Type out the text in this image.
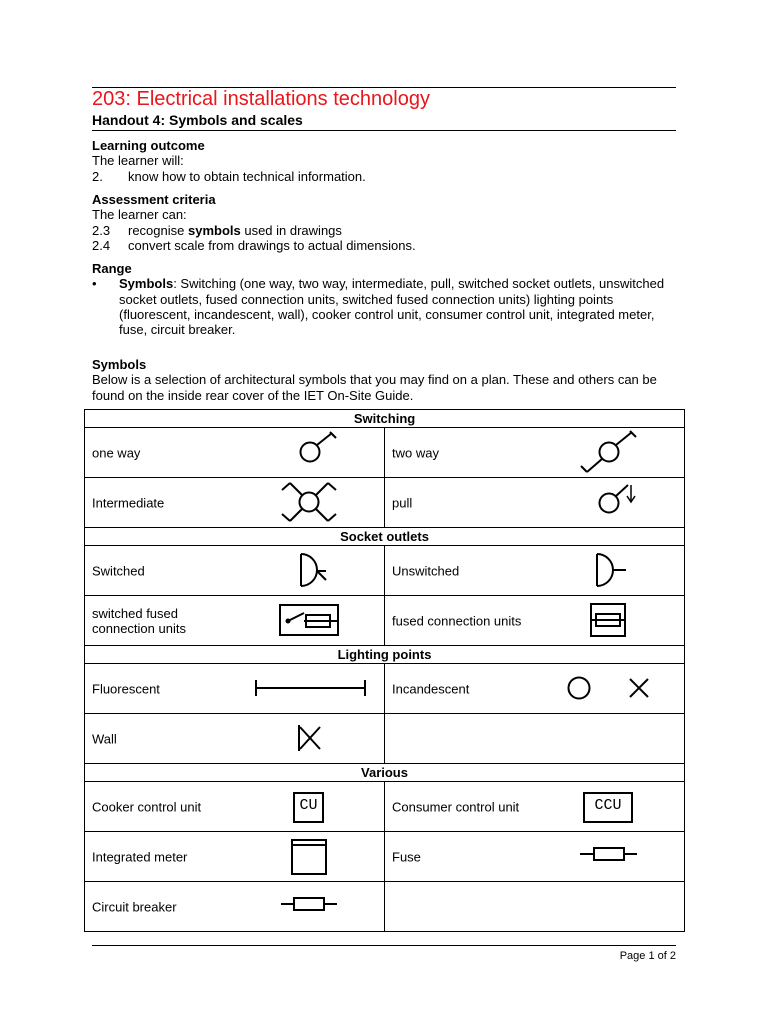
203: Electrical installations technology
Handout 4: Symbols and scales
Learning outcome
The learner will:
2. know how to obtain technical information.
Assessment criteria
The learner can:
2.3 recognise symbols used in drawings
2.4 convert scale from drawings to actual dimensions.
Range
• Symbols: Switching (one way, two way, intermediate, pull, switched socket outlets, unswitched socket outlets, fused connection units, switched fused connection units) lighting points (fluorescent, incandescent, wall), cooker control unit, consumer control unit, integrated meter, fuse, circuit breaker.
Symbols
Below is a selection of architectural symbols that you may find on a plan. These and others can be found on the inside rear cover of the IET On-Site Guide.
Switching	

one way	two way

Intermediate	pull

Socket outlets	

Switched	Unswitched

switched fused connection units	fused connection units

Lighting points	

Fluorescent	Incandescent

Wall	

Various	

Cooker control unit CU	Consumer control unit CCU

Integrated meter	Fuse

Circuit breaker	

Page 1 of 2
